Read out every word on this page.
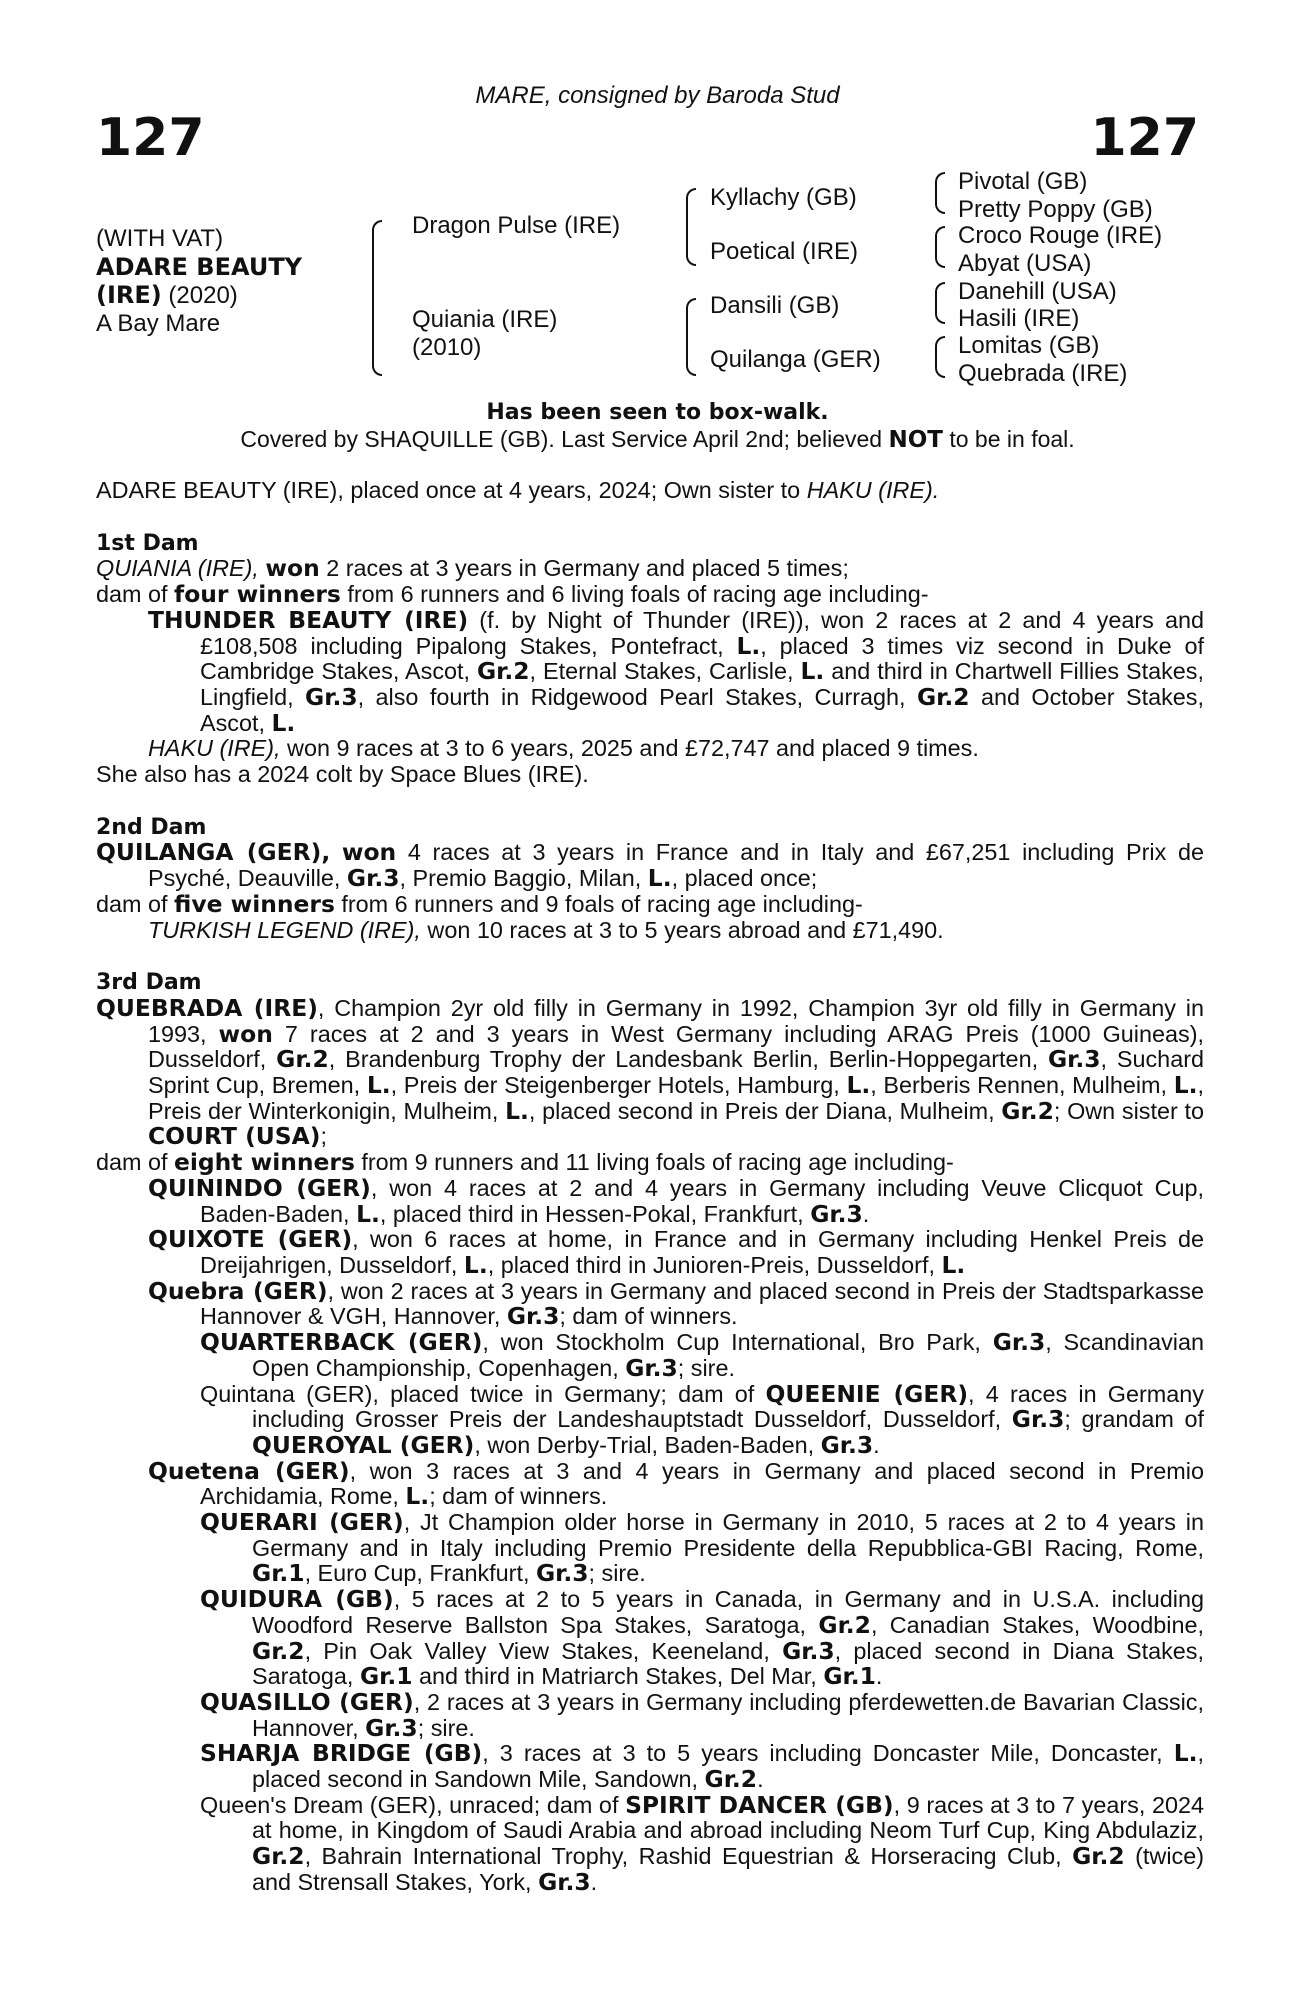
MARE, consigned by Baroda Stud
127	127
(WITH VAT)
ADARE BEAUTY
(IRE) (2020)
A Bay Mare
Dragon Pulse (IRE)
Quiania (IRE)
(2010)
Kyllachy (GB)
Poetical (IRE)
Dansili (GB)
Quilanga (GER)
Pivotal (GB)
Pretty Poppy (GB)
Croco Rouge (IRE)
Abyat (USA)
Danehill (USA)
Hasili (IRE)
Lomitas (GB)
Quebrada (IRE)
Has been seen to box-walk.
Covered by SHAQUILLE (GB). Last Service April 2nd; believed NOT to be in foal.

ADARE BEAUTY (IRE), placed once at 4 years, 2024; Own sister to HAKU (IRE).

1st Dam

QUIANIA (IRE), won 2 races at 3 years in Germany and placed 5 times;

dam of four winners from 6 runners and 6 living foals of racing age including-

THUNDER BEAUTY (IRE) (f. by Night of Thunder (IRE)), won 2 races at 2 and 4 years and £108,508 including Pipalong Stakes, Pontefract, L., placed 3 times viz second in Duke of Cambridge Stakes, Ascot, Gr.2, Eternal Stakes, Carlisle, L. and third in Chartwell Fillies Stakes, Lingfield, Gr.3, also fourth in Ridgewood Pearl Stakes, Curragh, Gr.2 and October Stakes, Ascot, L.

HAKU (IRE), won 9 races at 3 to 6 years, 2025 and £72,747 and placed 9 times.

She also has a 2024 colt by Space Blues (IRE).

2nd Dam

QUILANGA (GER), won 4 races at 3 years in France and in Italy and £67,251 including Prix de Psyché, Deauville, Gr.3, Premio Baggio, Milan, L., placed once;

dam of five winners from 6 runners and 9 foals of racing age including-

TURKISH LEGEND (IRE), won 10 races at 3 to 5 years abroad and £71,490.

3rd Dam

QUEBRADA (IRE), Champion 2yr old filly in Germany in 1992, Champion 3yr old filly in Germany in 1993, won 7 races at 2 and 3 years in West Germany including ARAG Preis (1000 Guineas), Dusseldorf, Gr.2, Brandenburg Trophy der Landesbank Berlin, Berlin-Hoppegarten, Gr.3, Suchard Sprint Cup, Bremen, L., Preis der Steigenberger Hotels, Hamburg, L., Berberis Rennen, Mulheim, L., Preis der Winterkonigin, Mulheim, L., placed second in Preis der Diana, Mulheim, Gr.2; Own sister to COURT (USA);

dam of eight winners from 9 runners and 11 living foals of racing age including-

QUININDO (GER), won 4 races at 2 and 4 years in Germany including Veuve Clicquot Cup, Baden-Baden, L., placed third in Hessen-Pokal, Frankfurt, Gr.3.

QUIXOTE (GER), won 6 races at home, in France and in Germany including Henkel Preis de Dreijahrigen, Dusseldorf, L., placed third in Junioren-Preis, Dusseldorf, L.

Quebra (GER), won 2 races at 3 years in Germany and placed second in Preis der Stadtsparkasse Hannover & VGH, Hannover, Gr.3; dam of winners.

QUARTERBACK (GER), won Stockholm Cup International, Bro Park, Gr.3, Scandinavian Open Championship, Copenhagen, Gr.3; sire.

Quintana (GER), placed twice in Germany; dam of QUEENIE (GER), 4 races in Germany including Grosser Preis der Landeshauptstadt Dusseldorf, Dusseldorf, Gr.3; grandam of QUEROYAL (GER), won Derby-Trial, Baden-Baden, Gr.3.

Quetena (GER), won 3 races at 3 and 4 years in Germany and placed second in Premio Archidamia, Rome, L.; dam of winners.

QUERARI (GER), Jt Champion older horse in Germany in 2010, 5 races at 2 to 4 years in Germany and in Italy including Premio Presidente della Repubblica-GBI Racing, Rome, Gr.1, Euro Cup, Frankfurt, Gr.3; sire.

QUIDURA (GB), 5 races at 2 to 5 years in Canada, in Germany and in U.S.A. including Woodford Reserve Ballston Spa Stakes, Saratoga, Gr.2, Canadian Stakes, Woodbine, Gr.2, Pin Oak Valley View Stakes, Keeneland, Gr.3, placed second in Diana Stakes, Saratoga, Gr.1 and third in Matriarch Stakes, Del Mar, Gr.1.

QUASILLO (GER), 2 races at 3 years in Germany including pferdewetten.de Bavarian Classic, Hannover, Gr.3; sire.

SHARJA BRIDGE (GB), 3 races at 3 to 5 years including Doncaster Mile, Doncaster, L., placed second in Sandown Mile, Sandown, Gr.2.

Queen's Dream (GER), unraced; dam of SPIRIT DANCER (GB), 9 races at 3 to 7 years, 2024 at home, in Kingdom of Saudi Arabia and abroad including Neom Turf Cup, King Abdulaziz, Gr.2, Bahrain International Trophy, Rashid Equestrian & Horseracing Club, Gr.2 (twice) and Strensall Stakes, York, Gr.3.
